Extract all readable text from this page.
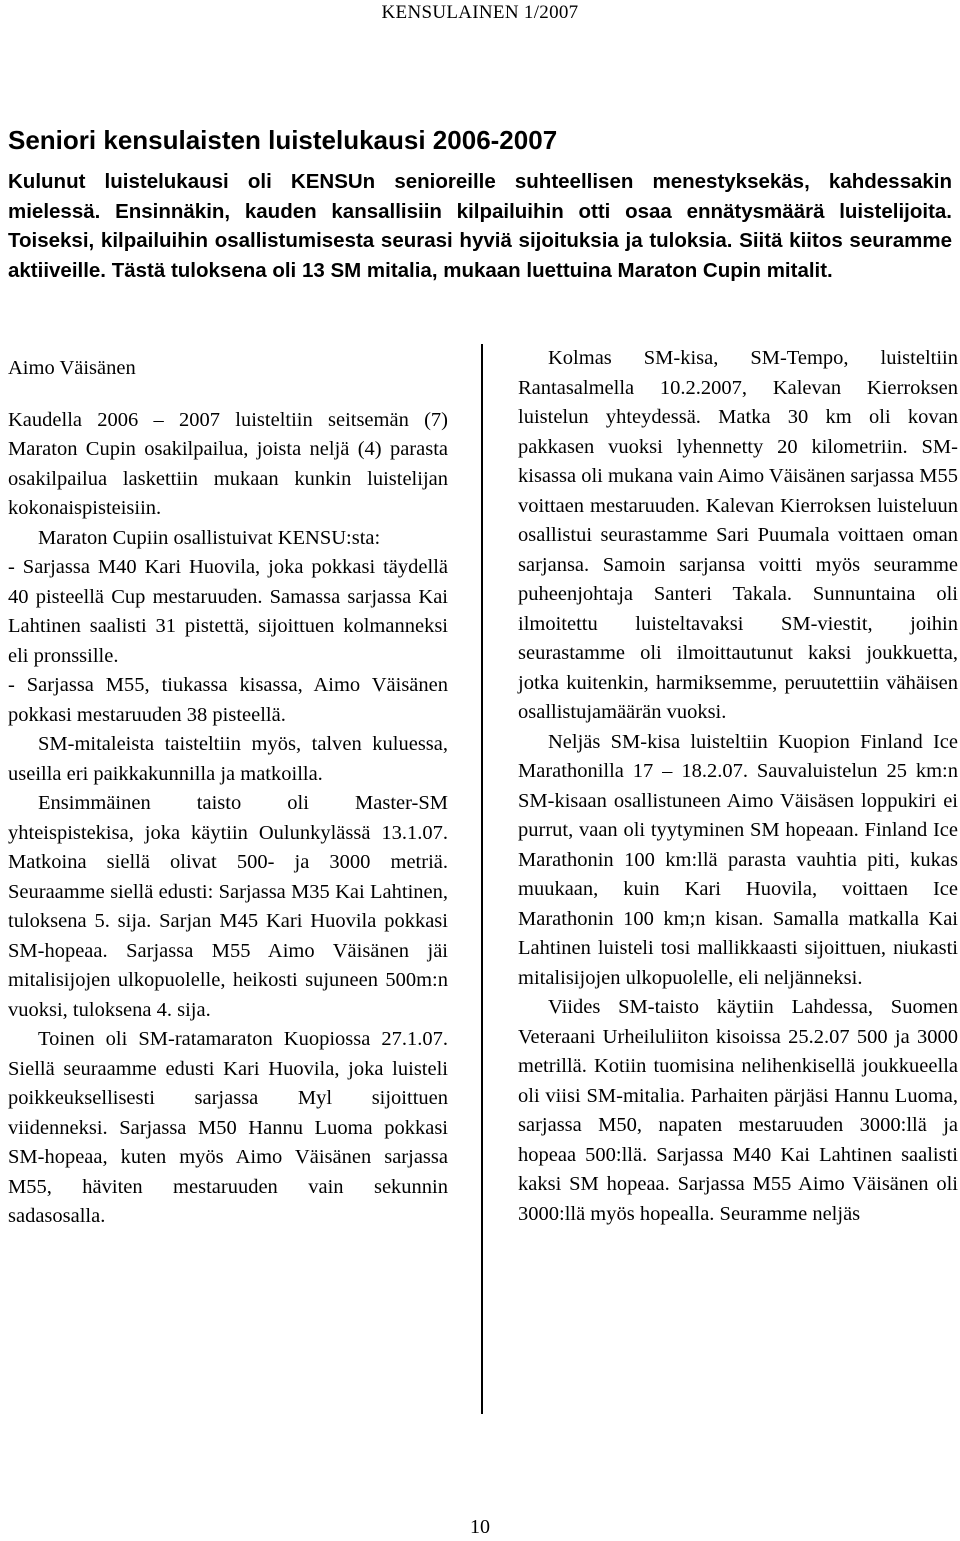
KENSULAINEN 1/2007
Seniori kensulaisten luistelukausi 2006-2007

Kulunut luistelukausi oli KENSUn senioreille suhteellisen menestyksekäs, kahdessakin mielessä. Ensinnäkin, kauden kansallisiin kilpailuihin otti osaa ennätysmäärä luistelijoita. Toiseksi, kilpailuihin osallistumisesta seurasi hyviä sijoituksia ja tuloksia. Siitä kiitos seuramme aktiiveille. Tästä tuloksena oli 13 SM mitalia, mukaan luettuina Maraton Cupin mitalit.

Aimo Väisänen

Kaudella 2006 – 2007 luisteltiin seitsemän (7) Maraton Cupin osakilpailua, joista neljä (4) parasta osakilpailua laskettiin mukaan kunkin luistelijan kokonaispisteisiin.

Maraton Cupiin osallistuivat KENSU:sta:

- Sarjassa M40 Kari Huovila, joka pokkasi täydellä 40 pisteellä Cup mestaruuden. Samassa sarjassa Kai Lahtinen saalisti 31 pistettä, sijoittuen kolmanneksi eli pronssille.

- Sarjassa M55, tiukassa kisassa, Aimo Väisänen pokkasi mestaruuden 38 pisteellä.

SM-mitaleista taisteltiin myös, talven kuluessa, useilla eri paikkakunnilla ja matkoilla.

Ensimmäinen taisto oli Master-SM yhteispistekisa, joka käytiin Oulunkylässä 13.1.07. Matkoina siellä olivat 500- ja 3000 metriä. Seuraamme siellä edusti: Sarjassa M35 Kai Lahtinen, tuloksena 5. sija. Sarjan M45 Kari Huovila pokkasi SM-hopeaa. Sarjassa M55 Aimo Väisänen jäi mitalisijojen ulkopuolelle, heikosti sujuneen 500m:n vuoksi, tuloksena 4. sija.

Toinen oli SM-ratamaraton Kuopiossa 27.1.07. Siellä seuraamme edusti Kari Huovila, joka luisteli poikkeuksellisesti sarjassa Myl sijoittuen viidenneksi. Sarjassa M50 Hannu Luoma pokkasi SM-hopeaa, kuten myös Aimo Väisänen sarjassa M55, häviten mestaruuden vain sekunnin sadasosalla.

Kolmas SM-kisa, SM-Tempo, luisteltiin Rantasalmella 10.2.2007, Kalevan Kierroksen luistelun yhteydessä. Matka 30 km oli kovan pakkasen vuoksi lyhennetty 20 kilometriin. SM- kisassa oli mukana vain Aimo Väisänen sarjassa M55 voittaen mestaruuden. Kalevan Kierroksen luisteluun osallistui seurastamme Sari Puumala voittaen oman sarjansa. Samoin sarjansa voitti myös seuramme puheenjohtaja Santeri Takala. Sunnuntaina oli ilmoitettu luisteltavaksi SM-viestit, joihin seurastamme oli ilmoittautunut kaksi joukkuetta, jotka kuitenkin, harmiksemme, peruutettiin vähäisen osallistujamäärän vuoksi.

Neljäs SM-kisa luisteltiin Kuopion Finland Ice Marathonilla 17 – 18.2.07. Sauvaluistelun 25 km:n SM-kisaan osallistuneen Aimo Väisäsen loppukiri ei purrut, vaan oli tyytyminen SM hopeaan. Finland Ice Marathonin 100 km:llä parasta vauhtia piti, kukas muukaan, kuin Kari Huovila, voittaen Ice Marathonin 100 km;n kisan. Samalla matkalla Kai Lahtinen luisteli tosi mallikkaasti sijoittuen, niukasti mitalisijojen ulkopuolelle, eli neljänneksi.

Viides SM-taisto käytiin Lahdessa, Suomen Veteraani Urheiluliiton kisoissa 25.2.07 500 ja 3000 metrillä. Kotiin tuomisina nelihenkisellä joukkueella oli viisi SM-mitalia. Parhaiten pärjäsi Hannu Luoma, sarjassa M50, napaten mestaruuden 3000:llä ja hopeaa 500:llä. Sarjassa M40 Kai Lahtinen saalisti kaksi SM hopeaa. Sarjassa M55 Aimo Väisänen oli 3000:llä myös hopealla. Seuramme neljäs

10
